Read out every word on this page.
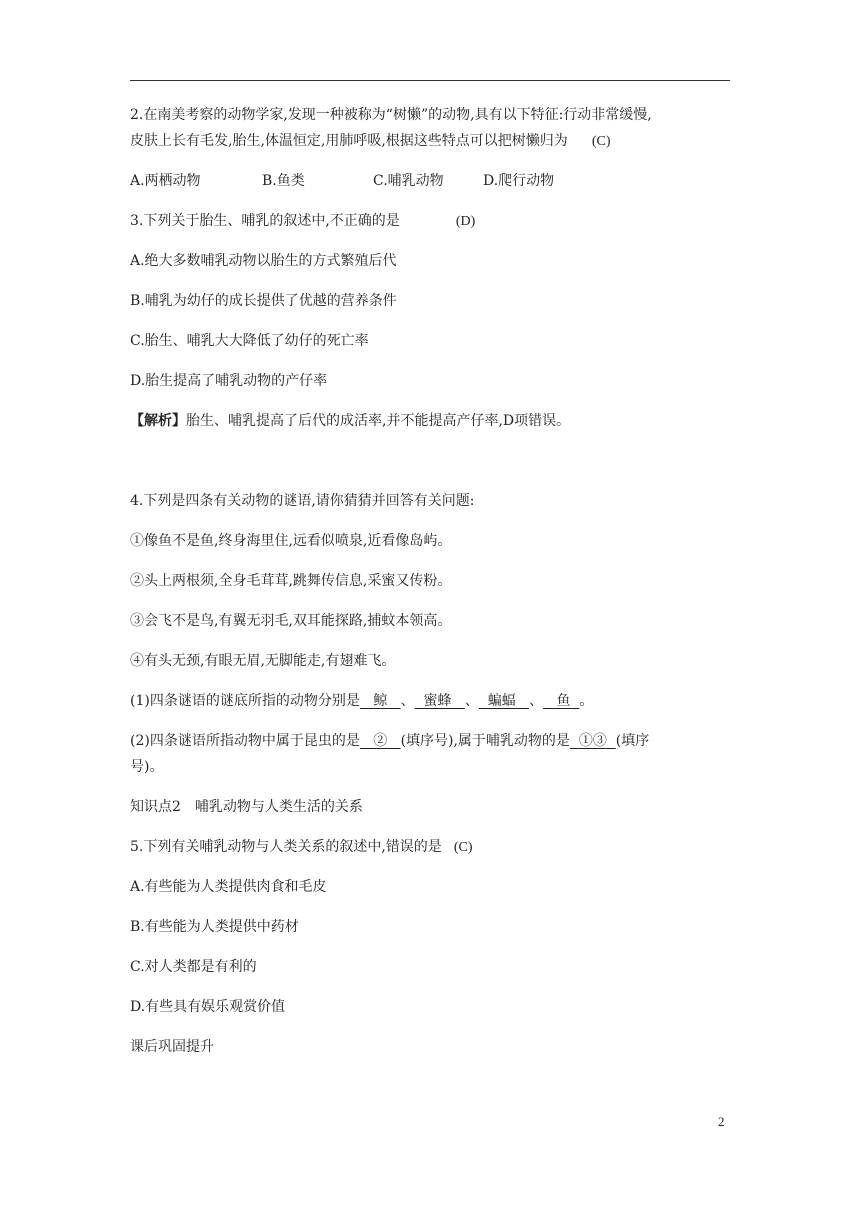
2.在南美考察的动物学家,发现一种被称为“树懒”的动物,具有以下特征:行动非常缓慢,

皮肤上长有毛发,胎生,体温恒定,用肺呼吸,根据这些特点可以把树懒归为 (C)

A.两栖动物	B.鱼类	C.哺乳动物	D.爬行动物

3.下列关于胎生、哺乳的叙述中,不正确的是	(D)

A.绝大多数哺乳动物以胎生的方式繁殖后代

B.哺乳为幼仔的成长提供了优越的营养条件

C.胎生、哺乳大大降低了幼仔的死亡率

D.胎生提高了哺乳动物的产仔率

【解析】胎生、哺乳提高了后代的成活率,并不能提高产仔率,D项错误。

4.下列是四条有关动物的谜语,请你猜猜并回答有关问题:

①像鱼不是鱼,终身海里住,远看似喷泉,近看像岛屿。

②头上两根须,全身毛茸茸,跳舞传信息,采蜜又传粉。

③会飞不是鸟,有翼无羽毛,双耳能探路,捕蚊本领高。

④有头无颈,有眼无眉,无脚能走,有翅难飞。

(1)四条谜语的谜底所指的动物分别是 鲸 、 蜜蜂 、 蝙蝠 、 鱼 。

(2)四条谜语所指动物中属于昆虫的是 ② (填序号),属于哺乳动物的是 ①③ (填序

号)。

知识点2　哺乳动物与人类生活的关系

5.下列有关哺乳动物与人类关系的叙述中,错误的是 (C)

A.有些能为人类提供肉食和毛皮

B.有些能为人类提供中药材

C.对人类都是有利的

D.有些具有娱乐观赏价值

课后巩固提升

2
